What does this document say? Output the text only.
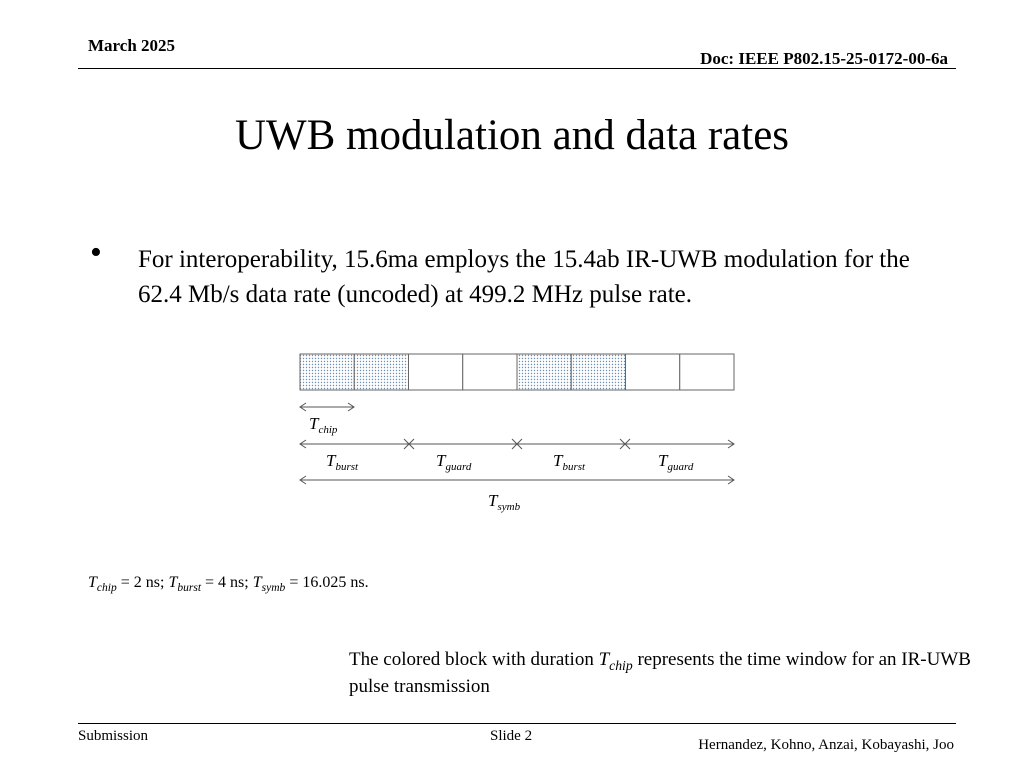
March 2025
Doc: IEEE P802.15-25-0172-00-6a
UWB modulation and data rates
• For interoperability, 15.6ma employs the 15.4ab IR-UWB modulation for the 62.4 Mb/s data rate (uncoded) at 499.2 MHz pulse rate.
$T_{chip}$
$T_{burst}$	$T_{guard}$	$T_{burst}$	$T_{guard}$
$T_{symb}$
$T_{chip} = 2$ ns; $T_{burst} = 4$ ns; $T_{symb} = 16.025$ ns.
The colored block with duration $T_{chip}$ represents the time window for an IR-UWB pulse transmission
Submission	Slide 2
Hernandez, Kohno, Anzai, Kobayashi, Joo
